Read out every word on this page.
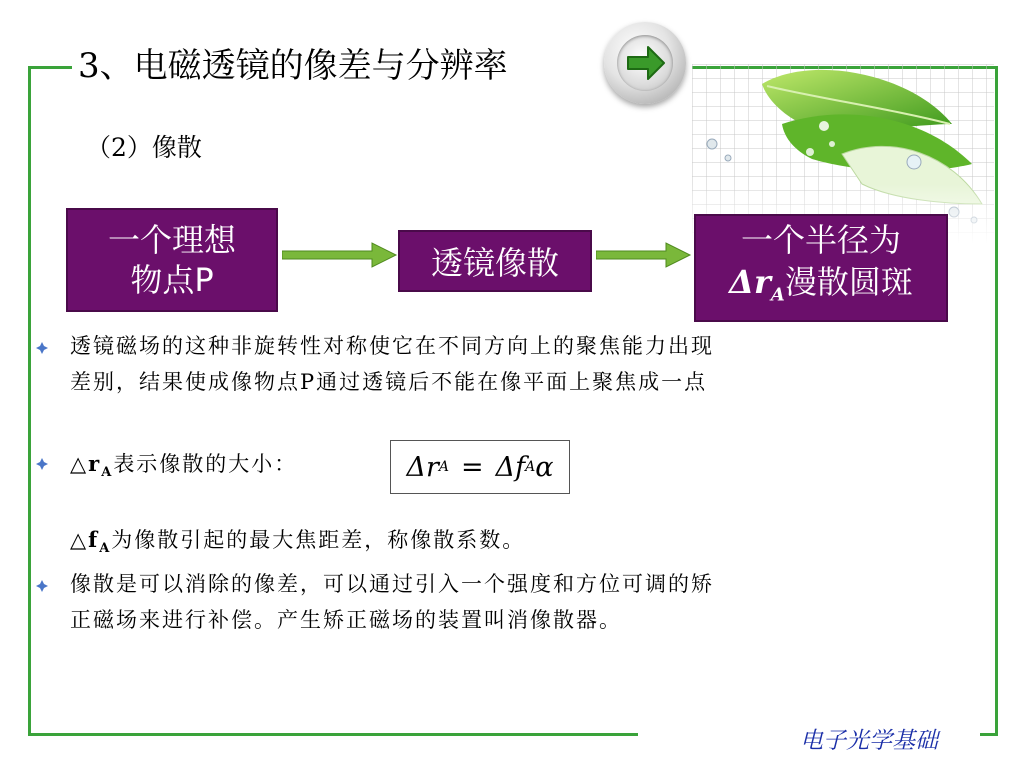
3、电磁透镜的像差与分辨率
（2）像散
一个理想
物点P	透镜像散
一个半径为
$\Delta r_A$漫散圆斑
透镜磁场的这种非旋转性对称使它在不同方向上的聚焦能力出现
差别，结果使成像物点P通过透镜后不能在像平面上聚焦成一点
$\triangle r_A$表示像散的大小：	Δr A = Δf A α
$\triangle f_A$为像散引起的最大焦距差，称像散系数。
像散是可以消除的像差，可以通过引入一个强度和方位可调的矫
正磁场来进行补偿。产生矫正磁场的装置叫消像散器。
电子光学基础
